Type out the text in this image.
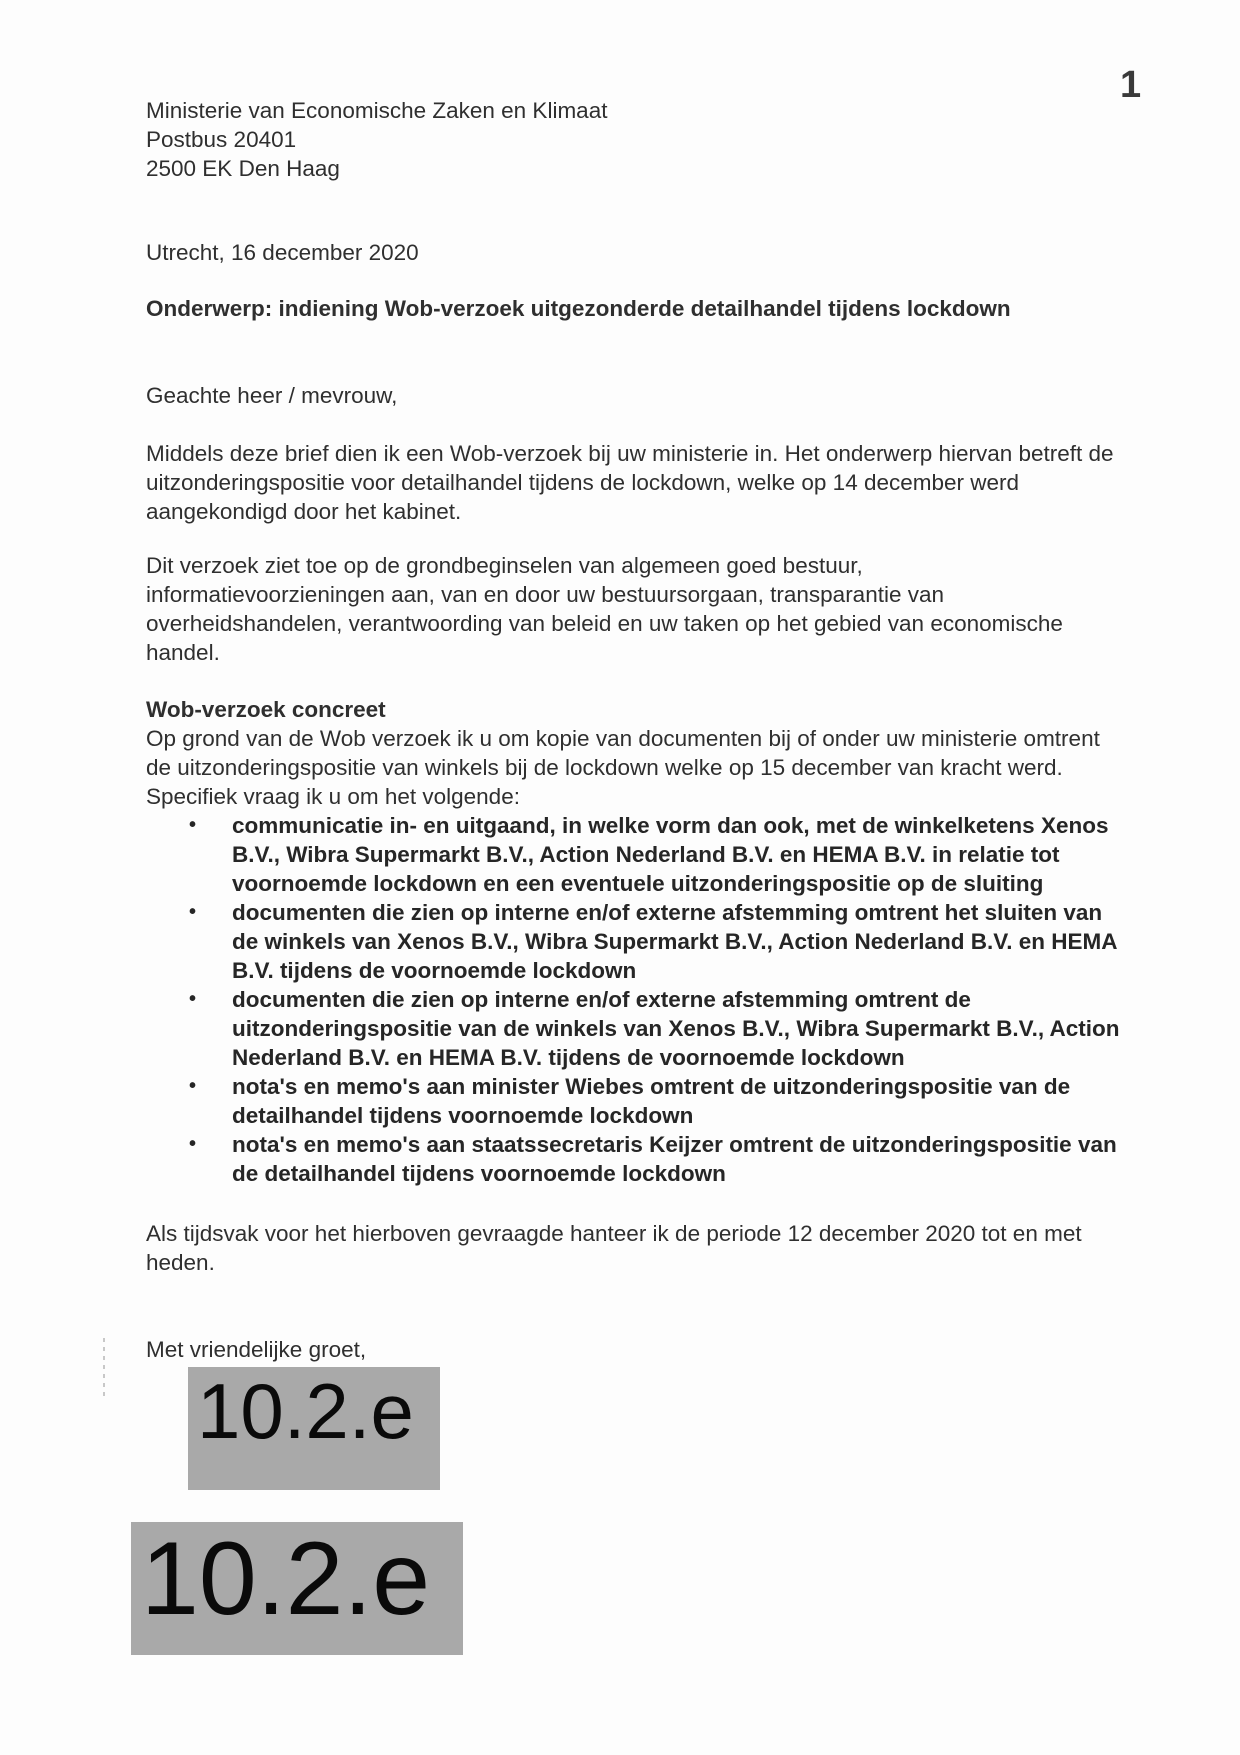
1
Ministerie van Economische Zaken en Klimaat
Postbus 20401
2500 EK Den Haag
Utrecht, 16 december 2020
Onderwerp: indiening Wob-verzoek uitgezonderde detailhandel tijdens lockdown
Geachte heer / mevrouw,
Middels deze brief dien ik een Wob-verzoek bij uw ministerie in. Het onderwerp hiervan betreft de
uitzonderingspositie voor detailhandel tijdens de lockdown, welke op 14 december werd
aangekondigd door het kabinet.
Dit verzoek ziet toe op de grondbeginselen van algemeen goed bestuur,
informatievoorzieningen aan, van en door uw bestuursorgaan, transparantie van
overheidshandelen, verantwoording van beleid en uw taken op het gebied van economische
handel.
Wob-verzoek concreet
Op grond van de Wob verzoek ik u om kopie van documenten bij of onder uw ministerie omtrent
de uitzonderingspositie van winkels bij de lockdown welke op 15 december van kracht werd.
Specifiek vraag ik u om het volgende:
• communicatie in- en uitgaand, in welke vorm dan ook, met de winkelketens Xenos
B.V., Wibra Supermarkt B.V., Action Nederland B.V. en HEMA B.V. in relatie tot
voornoemde lockdown en een eventuele uitzonderingspositie op de sluiting
• documenten die zien op interne en/of externe afstemming omtrent het sluiten van
de winkels van Xenos B.V., Wibra Supermarkt B.V., Action Nederland B.V. en HEMA
B.V. tijdens de voornoemde lockdown
• documenten die zien op interne en/of externe afstemming omtrent de
uitzonderingspositie van de winkels van Xenos B.V., Wibra Supermarkt B.V., Action
Nederland B.V. en HEMA B.V. tijdens de voornoemde lockdown
• nota's en memo's aan minister Wiebes omtrent de uitzonderingspositie van de
detailhandel tijdens voornoemde lockdown
• nota's en memo's aan staatssecretaris Keijzer omtrent de uitzonderingspositie van
de detailhandel tijdens voornoemde lockdown
Als tijdsvak voor het hierboven gevraagde hanteer ik de periode 12 december 2020 tot en met
heden.
Met vriendelijke groet,
10.2.e
10.2.e
